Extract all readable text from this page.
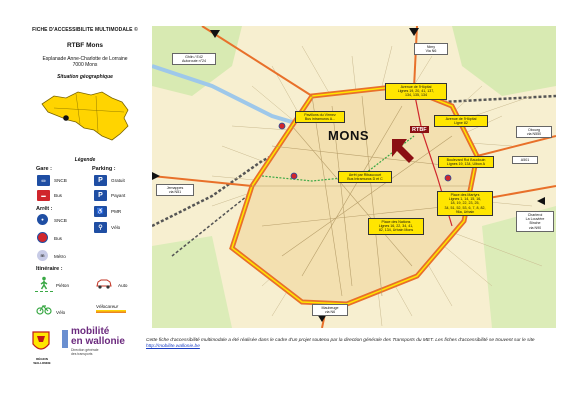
FICHE D'ACCESSIBILITE MULTIMODALE ©
RTBF Mons
Esplanade Anne-Charlotte de Lorraine
7000 Mons
Situation géographique
Légende
Gare :	Parking :
▭	SNCB
▬	Bus
Arrêt :
●	SNCB
Bus
m	Métro
P	Gratuit
P	Payant
♿	PMR
⚲	Vélo
Itinéraire :
Piéton	Auto
Vélo
Vélocareur
MONS	RTBF
Avenue de l'Hôpital
Lignes 19, 20, 41, 137,
134, 135, 134
Avenue de l'Hôpital
Ligne 82
Boulevard Roi Baudouin
Lignes 19, 134, Ulbon A
Arrêt par Ribaucourt
Bus Intramuros D et C
Pavillons du Virmez
Bus intramuros A...
Place des Martyrs
Lignes 1, 14, 15, 16,
18, 19, 22, 23, 25,
34, 51, 52, 53, 6, 7, 8, 82,
96a, Urbain
Place des Nations
Lignes 16, 22, 34, 41,
82, 134, Urbain Mons
Ghlin / E42
Autoroute n°24
Nimy
Via N6
Obourg
via N550
A501
Charleroi
La Louvière
Binche
via N90
Jemappes
via N51
Maubeuge
via N6
RÉGION WALLONNE
mobilité
en wallonie
Direction générale
des transports
Cette fiche d'accessibilité multimodale a été réalisée dans le cadre d'un projet soutenu par la direction générale des Transports du MET. Les fiches d'accessibilité se trouvent sur le site http://mobilite.wallonie.be
